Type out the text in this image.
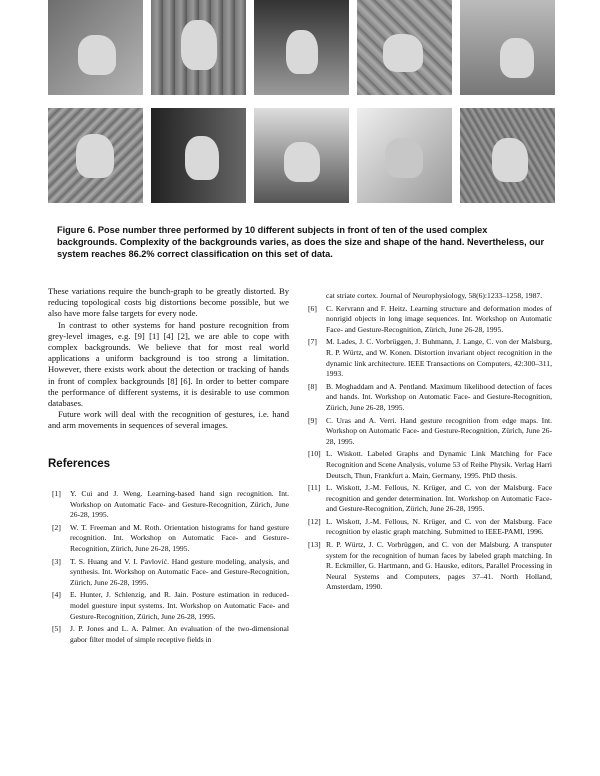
Figure 6. Pose number three performed by 10 different subjects in front of ten of the used complex backgrounds. Complexity of the backgrounds varies, as does the size and shape of the hand. Nevertheless, our system reaches 86.2% correct classification on this set of data.

These variations require the bunch-graph to be greatly distorted. By reducing topological costs big distortions become possible, but we also have more false targets for every node.

In contrast to other systems for hand posture recognition from grey-level images, e.g. [9] [1] [4] [2], we are able to cope with complex backgrounds. We believe that for most real world applications a uniform background is too strong a limitation. However, there exists work about the detection or tracking of hands in front of complex backgrounds [8] [6]. In order to better compare the performance of different systems, it is desirable to use common databases.

Future work will deal with the recognition of gestures, i.e. hand and arm movements in sequences of several images.

References
[1] Y. Cui and J. Weng. Learning-based hand sign recognition. Int. Workshop on Automatic Face- and Gesture-Recognition, Zürich, June 26-28, 1995.
[2] W. T. Freeman and M. Roth. Orientation histograms for hand gesture recognition. Int. Workshop on Automatic Face- and Gesture-Recognition, Zürich, June 26-28, 1995.
[3] T. S. Huang and V. I. Pavlović. Hand gesture modeling, analysis, and synthesis. Int. Workshop on Automatic Face- and Gesture-Recognition, Zürich, June 26-28, 1995.
[4] E. Hunter, J. Schlenzig, and R. Jain. Posture estimation in reduced-model guesture input systems. Int. Workshop on Automatic Face- and Gesture-Recognition, Zürich, June 26-28, 1995.
[5] J. P. Jones and L. A. Palmer. An evaluation of the two-dimensional gabor filter model of simple receptive fields in
cat striate cortex. Journal of Neurophysiology, 58(6):1233–1258, 1987.
[6] C. Kervrann and F. Heitz. Learning structure and deformation modes of nonrigid objects in long image sequences. Int. Workshop on Automatic Face- and Gesture-Recognition, Zürich, June 26-28, 1995.
[7] M. Lades, J. C. Vorbrüggen, J. Buhmann, J. Lange, C. von der Malsburg, R. P. Würtz, and W. Konen. Distortion invariant object recognition in the dynamic link architecture. IEEE Transactions on Computers, 42:300–311, 1993.
[8] B. Moghaddam and A. Pentland. Maximum likelihood detection of faces and hands. Int. Workshop on Automatic Face- and Gesture-Recognition, Zürich, June 26-28, 1995.
[9] C. Uras and A. Verri. Hand gesture recognition from edge maps. Int. Workshop on Automatic Face- and Gesture-Recognition, Zürich, June 26-28, 1995.
[10] L. Wiskott. Labeled Graphs and Dynamic Link Matching for Face Recognition and Scene Analysis, volume 53 of Reihe Physik. Verlag Harri Deutsch, Thun, Frankfurt a. Main, Germany, 1995. PhD thesis.
[11] L. Wiskott, J.-M. Fellous, N. Krüger, and C. von der Malsburg. Face recognition and gender determination. Int. Workshop on Automatic Face- and Gesture-Recognition, Zürich, June 26-28, 1995.
[12] L. Wiskott, J.-M. Fellous, N. Krüger, and C. von der Malsburg. Face recognition by elastic graph matching. Submitted to IEEE-PAMI, 1996.
[13] R. P. Würtz, J. C. Vorbrüggen, and C. von der Malsburg. A transputer system for the recognition of human faces by labeled graph matching. In R. Eckmiller, G. Hartmann, and G. Hauske, editors, Parallel Processing in Neural Systems and Computers, pages 37–41. North Holland, Amsterdam, 1990.
